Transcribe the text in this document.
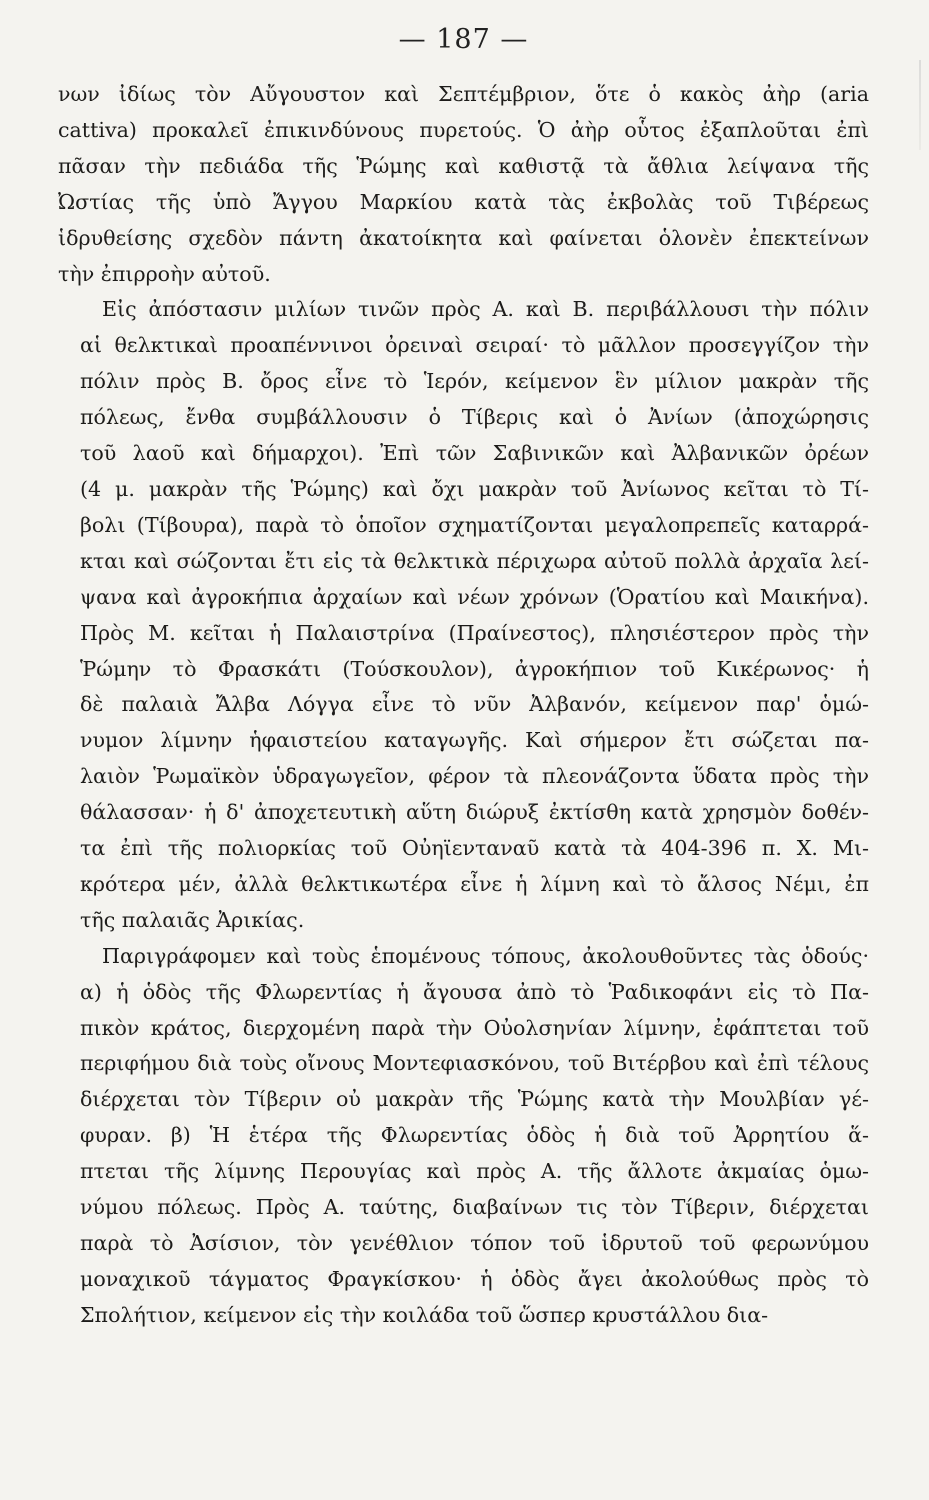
— 187 —

νων ἰδίως τὸν Αὔγουστον καὶ Σεπτέμβριον, ὅτε ὁ κακὸς ἀὴρ (aria
cattiva) προκαλεῖ ἐπικινδύνους πυρετούς. Ὁ ἀὴρ οὗτος ἐξαπλοῦται ἐπὶ
πᾶσαν τὴν πεδιάδα τῆς Ῥώμης καὶ καθιστᾷ τὰ ἄθλια λείψανα τῆς
Ὠστίας τῆς ὑπὸ Ἄγγου Μαρκίου κατὰ τὰς ἐκβολὰς τοῦ Τιβέρεως
ἱδρυθείσης σχεδὸν πάντη ἀκατοίκητα καὶ φαίνεται ὁλονὲν ἐπεκτείνων
τὴν ἐπιρροὴν αὐτοῦ.

Εἰς ἀπόστασιν μιλίων τινῶν πρὸς Α. καὶ Β. περιβάλλουσι τὴν πόλιν
αἱ θελκτικαὶ προαπέννινοι ὀρειναὶ σειραί· τὸ μᾶλλον προσεγγίζον τὴν
πόλιν πρὸς Β. ὄρος εἶνε τὸ Ἱερόν, κείμενον ἓν μίλιον μακρὰν τῆς
πόλεως, ἔνθα συμβάλλουσιν ὁ Τίβερις καὶ ὁ Ἀνίων (ἀποχώρησις
τοῦ λαοῦ καὶ δήμαρχοι). Ἐπὶ τῶν Σαβινικῶν καὶ Ἀλβανικῶν ὀρέων
(4 μ. μακρὰν τῆς Ῥώμης) καὶ ὄχι μακρὰν τοῦ Ἀνίωνος κεῖται τὸ Τί-
βολι (Τίβουρα), παρὰ τὸ ὁποῖον σχηματίζονται μεγαλοπρεπεῖς καταρρά-
κται καὶ σώζονται ἔτι εἰς τὰ θελκτικὰ πέριχωρα αὐτοῦ πολλὰ ἀρχαῖα λεί-
ψανα καὶ ἀγροκήπια ἀρχαίων καὶ νέων χρόνων (Ὁρατίου καὶ Μαικήνα).
Πρὸς Μ. κεῖται ἡ Παλαιστρίνα (Πραίνεστος), πλησιέστερον πρὸς τὴν
Ῥώμην τὸ Φρασκάτι (Τούσκουλον), ἀγροκήπιον τοῦ Κικέρωνος· ἡ
δὲ παλαιὰ Ἄλβα Λόγγα εἶνε τὸ νῦν Ἀλβανόν, κείμενον παρ' ὁμώ-
νυμον λίμνην ἡφαιστείου καταγωγῆς. Καὶ σήμερον ἔτι σώζεται πα-
λαιὸν Ῥωμαϊκὸν ὑδραγωγεῖον, φέρον τὰ πλεονάζοντα ὕδατα πρὸς τὴν
θάλασσαν· ἡ δ' ἀποχετευτικὴ αὕτη διώρυξ ἐκτίσθη κατὰ χρησμὸν δοθέν-
τα ἐπὶ τῆς πολιορκίας τοῦ Οὐηϊενταναῦ κατὰ τὰ 404-396 π. Χ. Μι-
κρότερα μέν, ἀλλὰ θελκτικωτέρα εἶνε ἡ λίμνη καὶ τὸ ἄλσος Νέμι, ἐπ
τῆς παλαιᾶς Ἀρικίας.

Παριγράφομεν καὶ τοὺς ἑπομένους τόπους, ἀκολουθοῦντες τὰς ὁδούς·
α) ἡ ὁδὸς τῆς Φλωρεντίας ἡ ἄγουσα ἀπὸ τὸ Ῥαδικοφάνι εἰς τὸ Πα-
πικὸν κράτος, διερχομένη παρὰ τὴν Οὐολσηνίαν λίμνην, ἐφάπτεται τοῦ
περιφήμου διὰ τοὺς οἴνους Μοντεφιασκόνου, τοῦ Βιτέρβου καὶ ἐπὶ τέλους
διέρχεται τὸν Τίβεριν οὐ μακρὰν τῆς Ῥώμης κατὰ τὴν Μουλβίαν γέ-
φυραν. β) Ἡ ἑτέρα τῆς Φλωρεντίας ὁδὸς ἡ διὰ τοῦ Ἀρρητίου ἅ-
πτεται τῆς λίμνης Περουγίας καὶ πρὸς Α. τῆς ἄλλοτε ἀκμαίας ὁμω-
νύμου πόλεως. Πρὸς Α. ταύτης, διαβαίνων τις τὸν Τίβεριν, διέρχεται
παρὰ τὸ Ἀσίσιον, τὸν γενέθλιον τόπον τοῦ ἱδρυτοῦ τοῦ φερωνύμου
μοναχικοῦ τάγματος Φραγκίσκου· ἡ ὁδὸς ἄγει ἀκολούθως πρὸς τὸ
Σπολήτιον, κείμενον εἰς τὴν κοιλάδα τοῦ ὥσπερ κρυστάλλου δια-
